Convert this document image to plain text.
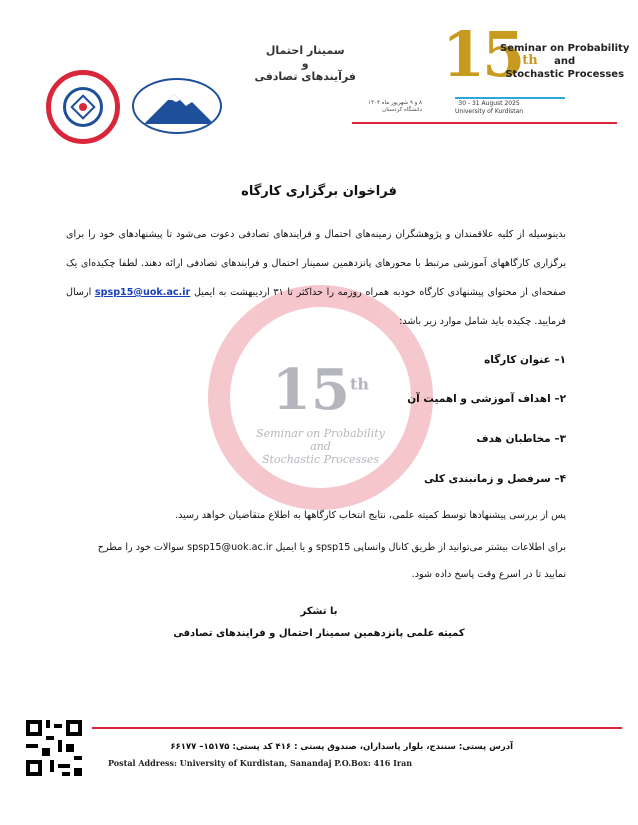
سمینار احتمال
و
فرآیندهای تصادفی
۸ و ۹ شهریور ماه ۱۴۰۴
دانشگاه کردستان
15th
Seminar on Probability
and
Stochastic Processes
30 - 31 August 2025
University of Kurdistan
15th
Seminar on Probability
and
Stochastic Processes
فراخوان برگزاری کارگاه
بدینوسیله از کلیه علاقمندان و پژوهشگران زمینه‌های احتمال و فرایندهای تصادفی دعوت می‌شود تا پیشنهادهای خود را برای برگزاری کارگاههای آموزشی مرتبط با محورهای پانزدهمین سمینار احتمال و فرایندهای تصادفی ارائه دهند. لطفا چکیده‌ای یک صفحه‌ای از محتوای پیشنهادی کارگاه خودبه همراه روزمه را حداکثر تا ۳۱ اردیبهشت به ایمیل spsp15@uok.ac.ir ارسال فرمایید. چکیده باید شامل موارد زیر باشد:
۱– عنوان کارگاه
۲– اهداف آموزشی و اهمیت آن
۳– مخاطبان هدف
۴– سرفصل و زمانبندی کلی
پس از بررسی پیشنهادها توسط کمیته علمی، نتایج انتخاب کارگاهها به اطلاع متقاضیان خواهد رسید.
برای اطلاعات بیشتر می‌توانید از طریق کانال واتساپی spsp15 و یا ایمیل spsp15@uok.ac.ir سوالات خود را مطرح
نمایید تا در اسرع وقت پاسخ داده شود.
با تشکر
کمیته علمی پانزدهمین سمینار احتمال و فرایندهای تصادفی
آدرس پستی: سنندج، بلوار پاسداران، صندوق پستی : ۴۱۶ کد پستی: ۱۵۱۷۵– ۶۶۱۷۷
Postal Address: University of Kurdistan, Sanandaj P.O.Box: 416 Iran
